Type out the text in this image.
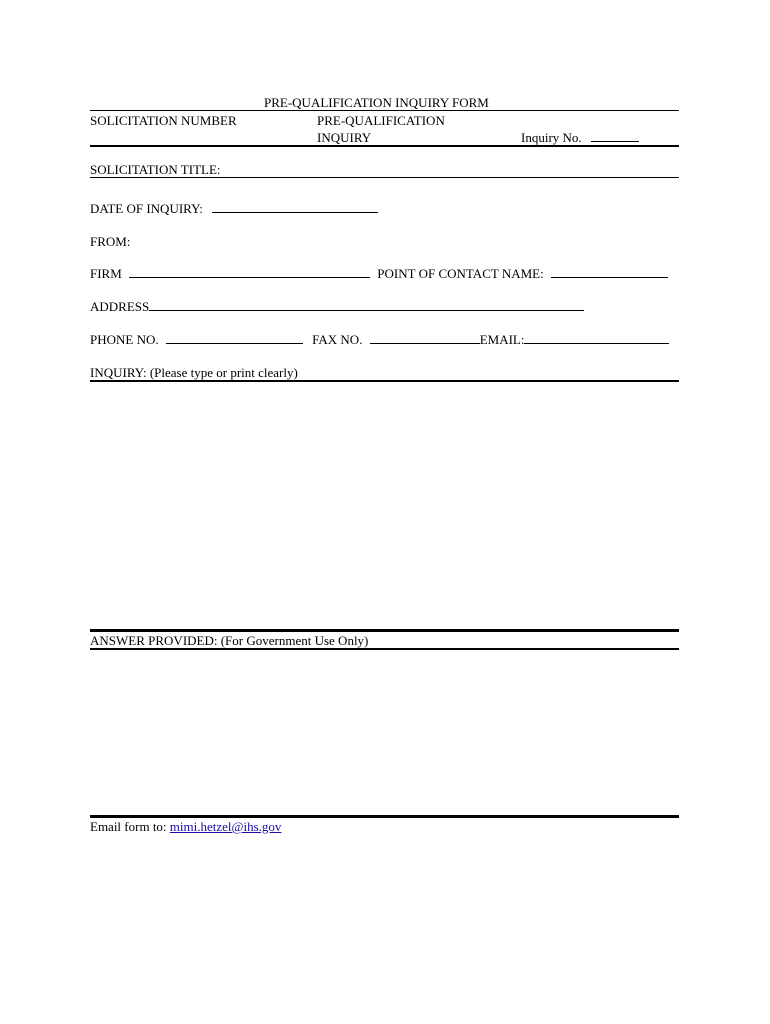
PRE-QUALIFICATION INQUIRY FORM
SOLICITATION NUMBER	PRE-QUALIFICATION
INQUIRY	Inquiry No.
SOLICITATION TITLE:
DATE OF INQUIRY:
FROM:
FIRM	POINT OF CONTACT NAME:
ADDRESS
PHONE NO.	FAX NO.	EMAIL:
INQUIRY: (Please type or print clearly)
ANSWER PROVIDED: (For Government Use Only)
Email form to: mimi.hetzel@ihs.gov
